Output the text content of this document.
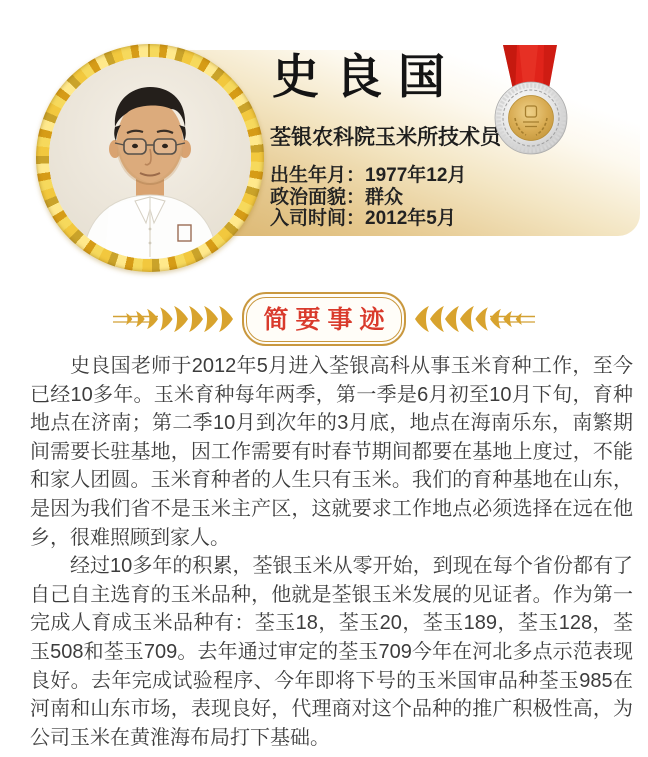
史良国
荃银农科院玉米所技术员
出生年月：1977年12月
政治面貌：群众
入司时间：2012年5月
简要事迹

史良国老师于2012年5月进入荃银高科从事玉米育种工作，至今已经10多年。玉米育种每年两季，第一季是6月初至10月下旬，育种地点在济南；第二季10月到次年的3月底，地点在海南乐东，南繁期间需要长驻基地，因工作需要有时春节期间都要在基地上度过，不能和家人团圆。玉米育种者的人生只有玉米。我们的育种基地在山东，是因为我们省不是玉米主产区，这就要求工作地点必须选择在远在他乡，很难照顾到家人。

经过10多年的积累，荃银玉米从零开始，到现在每个省份都有了自己自主选育的玉米品种，他就是荃银玉米发展的见证者。作为第一完成人育成玉米品种有：荃玉18，荃玉20，荃玉189，荃玉128，荃玉508和荃玉709。去年通过审定的荃玉709今年在河北多点示范表现良好。去年完成试验程序、今年即将下号的玉米国审品种荃玉985在河南和山东市场，表现良好，代理商对这个品种的推广积极性高，为公司玉米在黄淮海布局打下基础。
